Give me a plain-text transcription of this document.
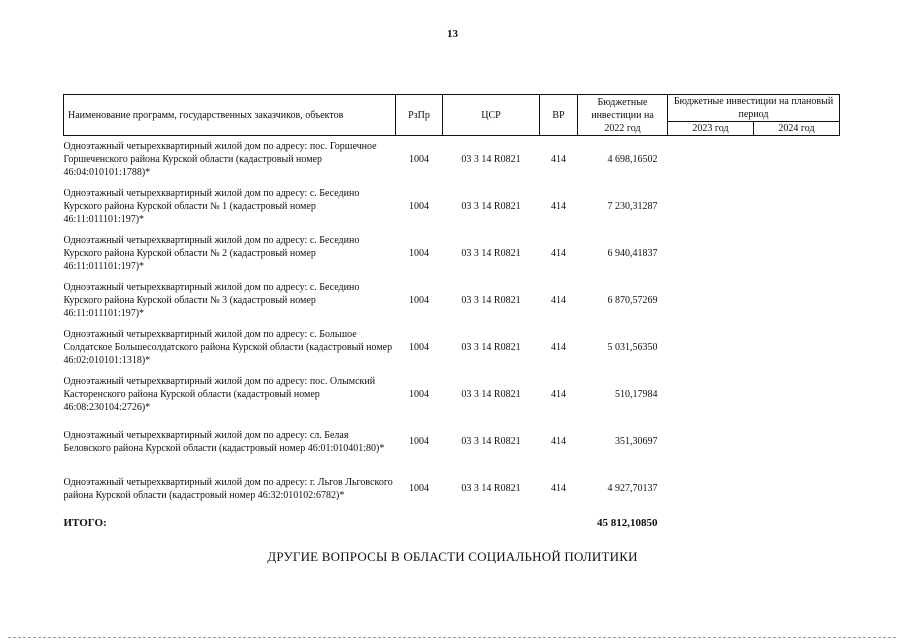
13
Наименование программ, государственных заказчиков, объектов	РзПр	ЦСР	ВР	Бюджетные инвестиции на 2022 год	Бюджетные инвестиции на плановый период	
					2023 год	2024 год
Одноэтажный четырехквартирный жилой дом по адресу: пос. Горшечное Горшеченского района Курской области (кадастровый номер 46:04:010101:1788)*	1004	03 3 14 R0821	414	4 698,16502		
Одноэтажный четырехквартирный жилой дом по адресу: с. Беседино Курского района Курской области № 1 (кадастровый номер 46:11:011101:197)*	1004	03 3 14 R0821	414	7 230,31287		
Одноэтажный четырехквартирный жилой дом по адресу: с. Беседино Курского района Курской области № 2 (кадастровый номер 46:11:011101:197)*	1004	03 3 14 R0821	414	6 940,41837		
Одноэтажный четырехквартирный жилой дом по адресу: с. Беседино Курского района Курской области № 3 (кадастровый номер 46:11:011101:197)*	1004	03 3 14 R0821	414	6 870,57269		
Одноэтажный четырехквартирный жилой дом по адресу: с. Большое Солдатское Большесолдатского района Курской области (кадастровый номер 46:02:010101:1318)*	1004	03 3 14 R0821	414	5 031,56350		
Одноэтажный четырехквартирный жилой дом по адресу: пос. Олымский Касторенского района Курской области (кадастровый номер 46:08:230104:2726)*	1004	03 3 14 R0821	414	510,17984		
Одноэтажный четырехквартирный жилой дом по адресу: сл. Белая Беловского района Курской области (кадастровый номер 46:01:010401:80)*	1004	03 3 14 R0821	414	351,30697		
Одноэтажный четырехквартирный жилой дом по адресу: г. Льгов Льговского района Курской области (кадастровый номер 46:32:010102:6782)*	1004	03 3 14 R0821	414	4 927,70137		
ИТОГО:				45 812,10850		
ДРУГИЕ ВОПРОСЫ В ОБЛАСТИ СОЦИАЛЬНОЙ ПОЛИТИКИ
